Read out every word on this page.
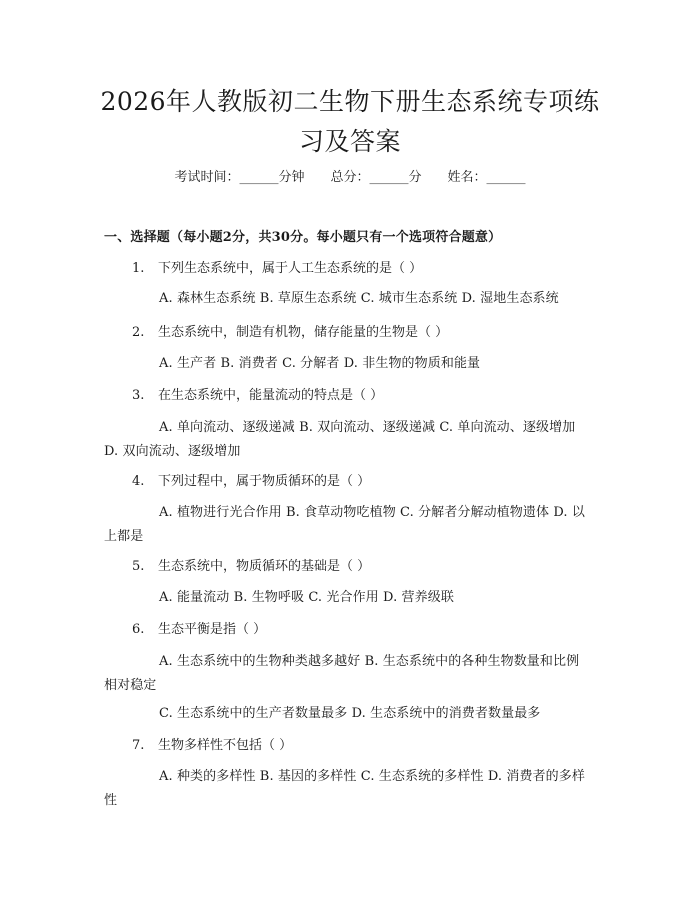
2026年人教版初二生物下册生态系统专项练习及答案
考试时间：______分钟 总分：______分 姓名：______
一、选择题（每小题2分，共30分。每小题只有一个选项符合题意）
1. 下列生态系统中，属于人工生态系统的是（ ）
A. 森林生态系统 B. 草原生态系统 C. 城市生态系统 D. 湿地生态系统
2. 生态系统中，制造有机物，储存能量的生物是（ ）
A. 生产者 B. 消费者 C. 分解者 D. 非生物的物质和能量
3. 在生态系统中，能量流动的特点是（ ）
A. 单向流动、逐级递减 B. 双向流动、逐级递减 C. 单向流动、逐级增加 D. 双向流动、逐级增加
4. 下列过程中，属于物质循环的是（ ）
A. 植物进行光合作用 B. 食草动物吃植物 C. 分解者分解动植物遗体 D. 以上都是
5. 生态系统中，物质循环的基础是（ ）
A. 能量流动 B. 生物呼吸 C. 光合作用 D. 营养级联
6. 生态平衡是指（ ）
A. 生态系统中的生物种类越多越好 B. 生态系统中的各种生物数量和比例相对稳定
C. 生态系统中的生产者数量最多 D. 生态系统中的消费者数量最多
7. 生物多样性不包括（ ）
A. 种类的多样性 B. 基因的多样性 C. 生态系统的多样性 D. 消费者的多样性
